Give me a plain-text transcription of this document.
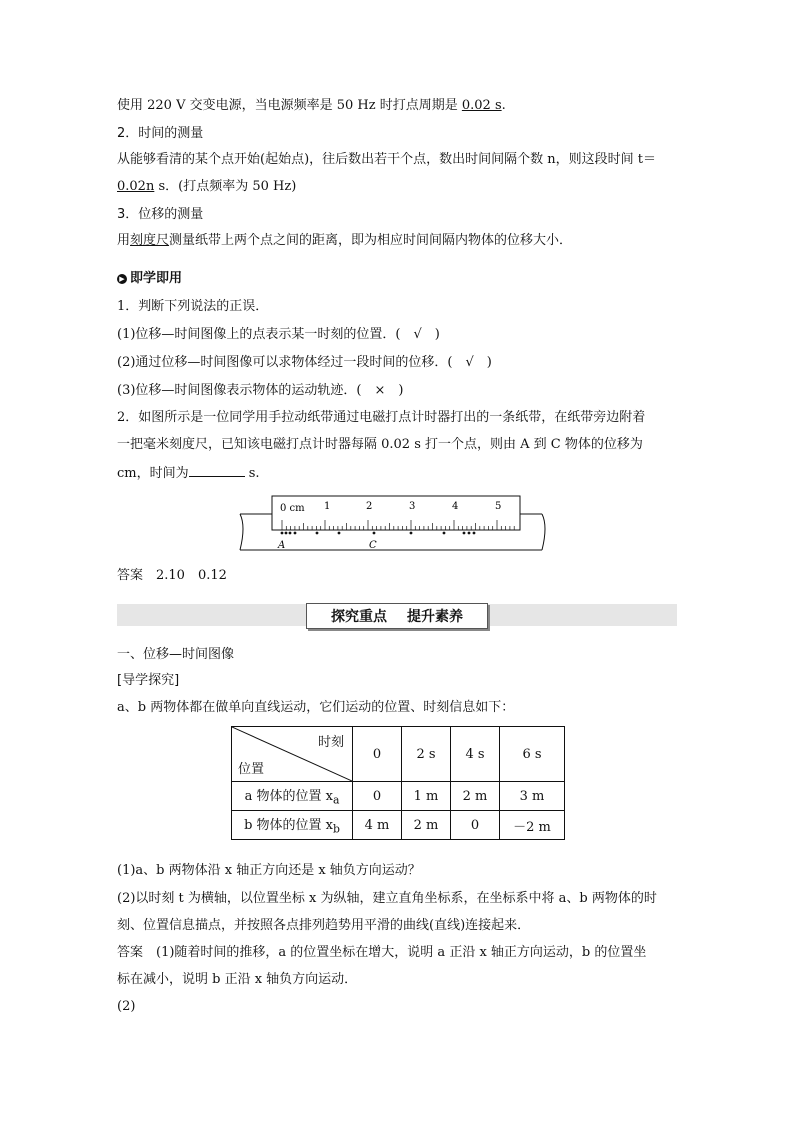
使用 220 V 交变电源，当电源频率是 50 Hz 时打点周期是 0.02 s.
2．时间的测量
从能够看清的某个点开始(起始点)，往后数出若干个点，数出时间间隔个数 n，则这段时间 t＝
0.02n s．(打点频率为 50 Hz)
3．位移的测量
用刻度尺测量纸带上两个点之间的距离，即为相应时间间隔内物体的位移大小．
▶ 即学即用
1．判断下列说法的正误．
(1)位移—时间图像上的点表示某一时刻的位置．(　√　)
(2)通过位移—时间图像可以求物体经过一段时间的位移．(　√　)
(3)位移—时间图像表示物体的运动轨迹．(　×　)
2．如图所示是一位同学用手拉动纸带通过电磁打点计时器打出的一条纸带，在纸带旁边附着
一把毫米刻度尺，已知该电磁打点计时器每隔 0.02 s 打一个点，则由 A 到 C 物体的位移为
cm，时间为	s.
0 cm 1	2	3	4	5
A	C
答案　2.10　0.12
探究重点 提升素养
一、位移—时间图像
[导学探究]
a、b 两物体都在做单向直线运动，它们运动的位置、时刻信息如下：
时刻
位置	0	2 s	4 s	6 s
a 物体的位置 $x_a$	0	1 m	2 m	3 m
b 物体的位置 $x_b$	4 m	2 m	0	－2 m
(1)a、b 两物体沿 x 轴正方向还是 x 轴负方向运动？
(2)以时刻 t 为横轴，以位置坐标 x 为纵轴，建立直角坐标系，在坐标系中将 a、b 两物体的时
刻、位置信息描点，并按照各点排列趋势用平滑的曲线(直线)连接起来．
答案　(1)随着时间的推移，a 的位置坐标在增大，说明 a 正沿 x 轴正方向运动，b 的位置坐
标在减小，说明 b 正沿 x 轴负方向运动．
(2)
